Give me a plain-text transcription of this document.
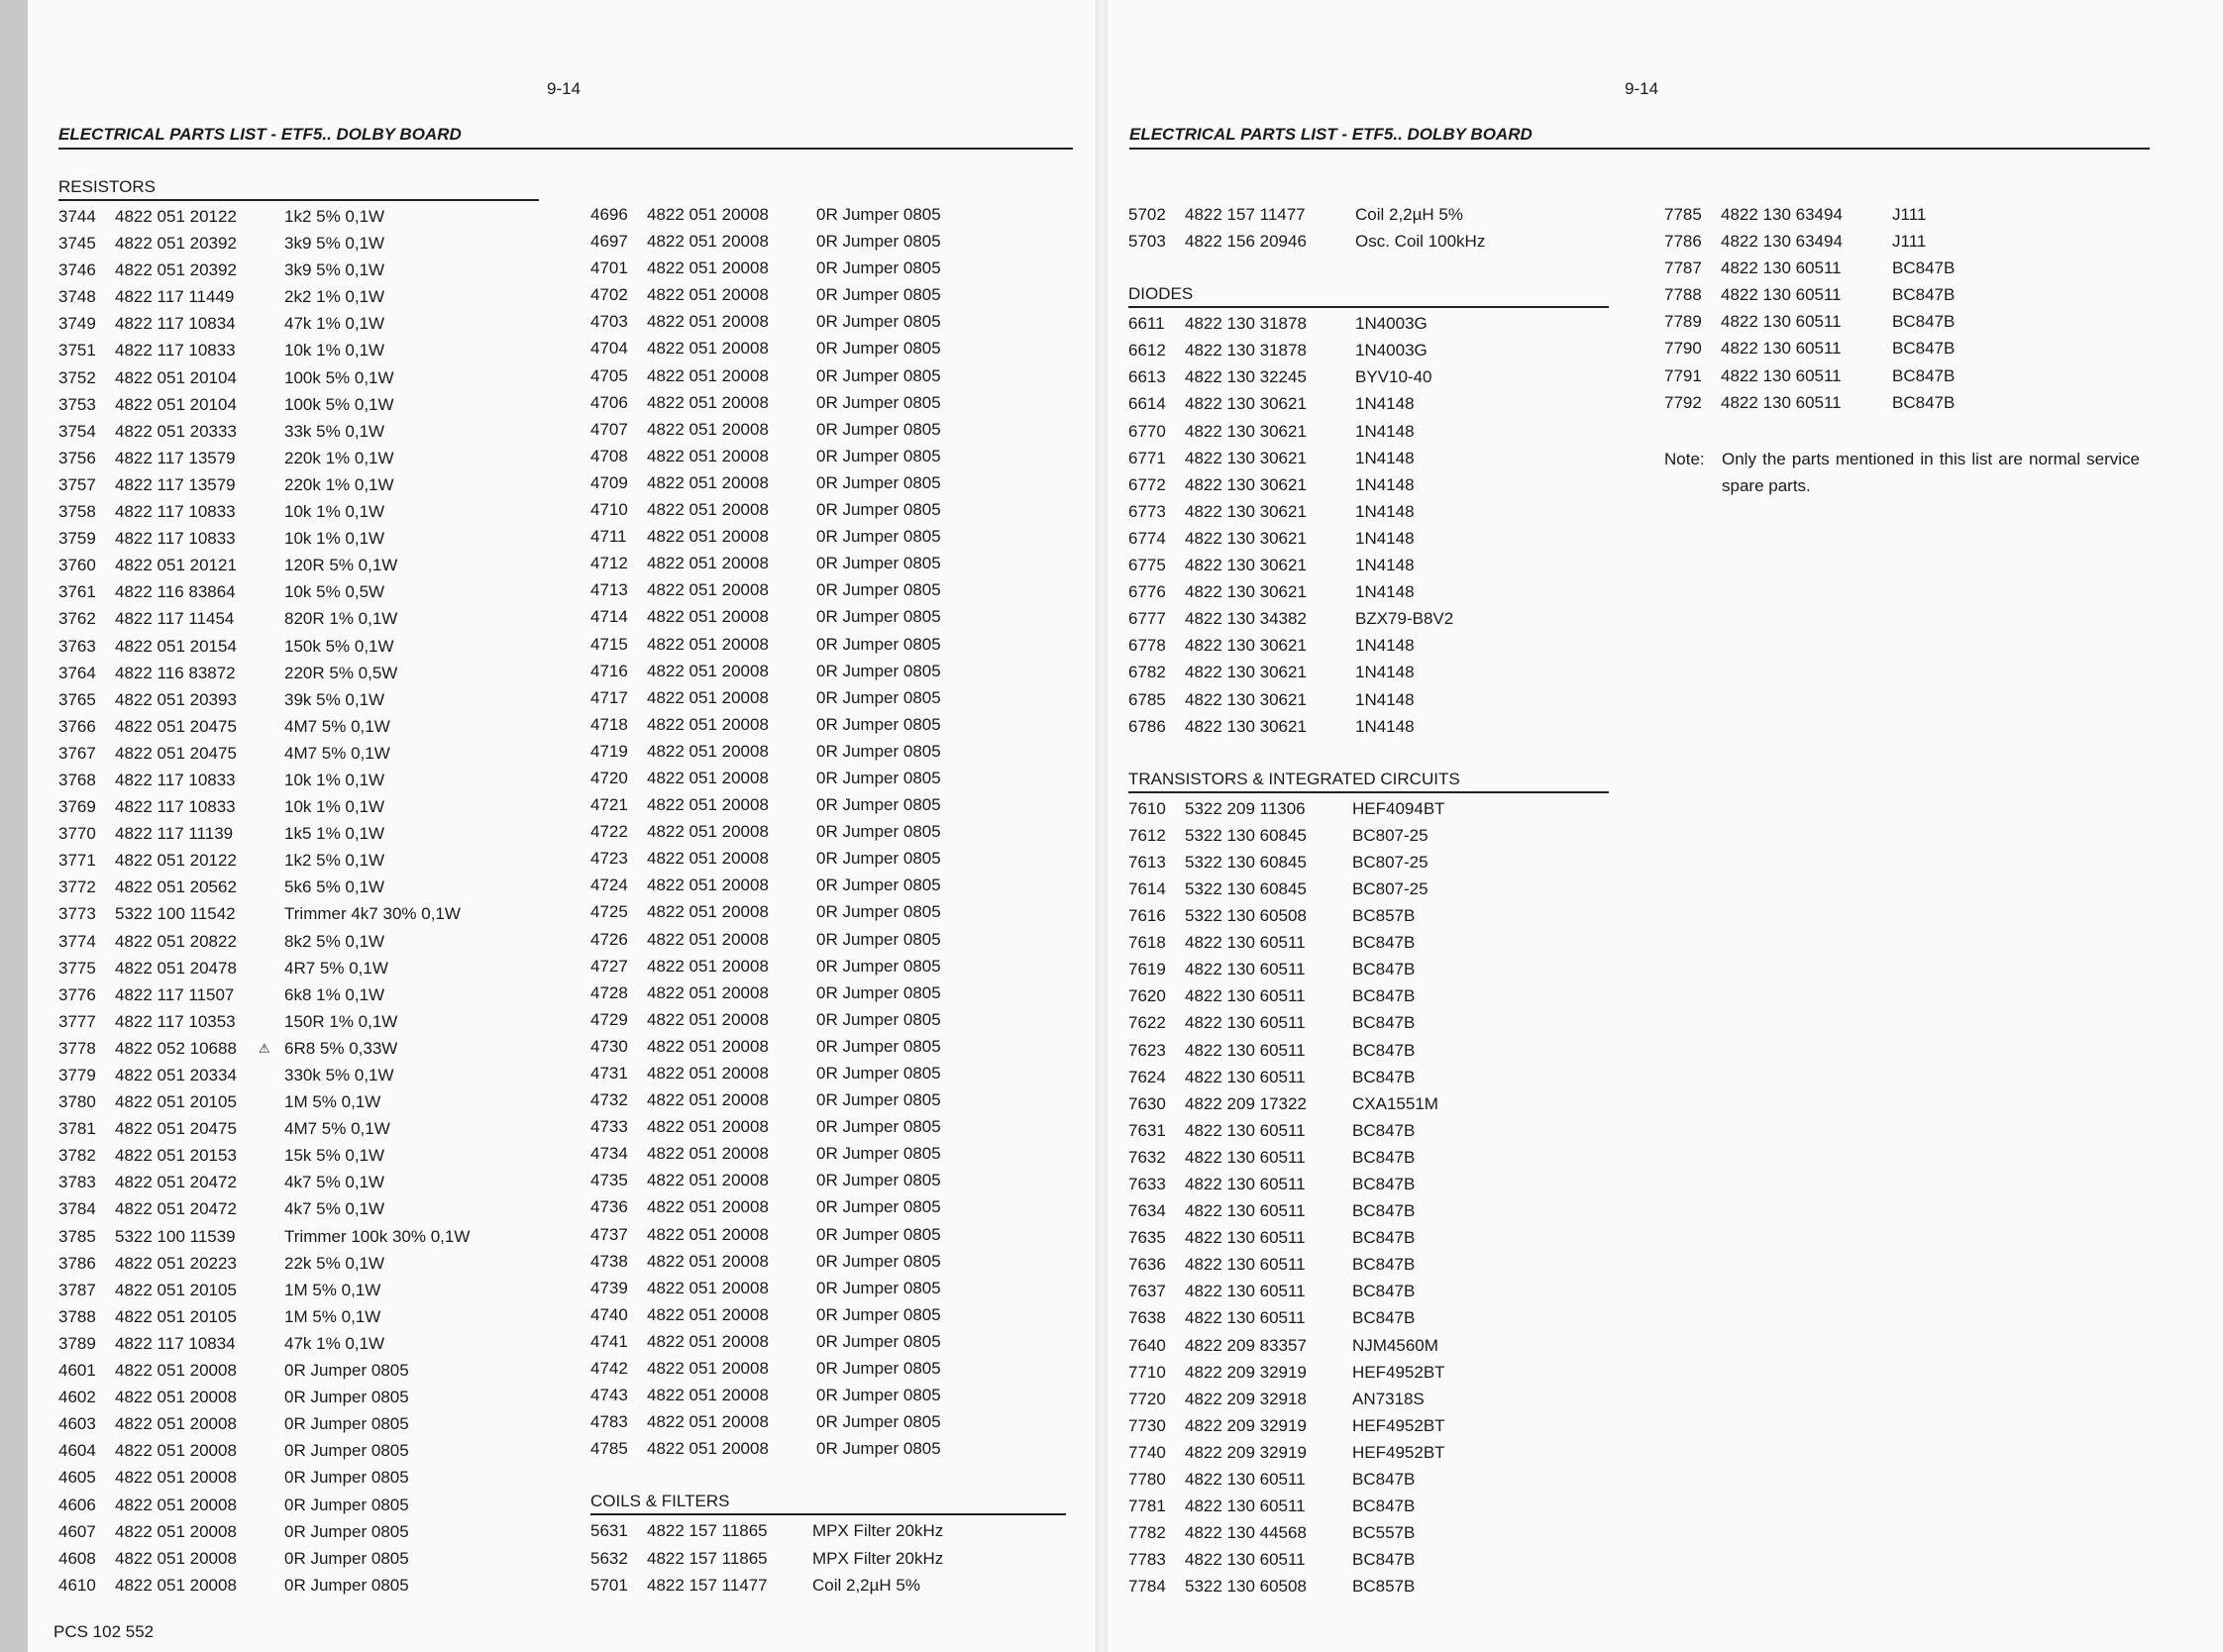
9-14
ELECTRICAL PARTS LIST - ETF5.. DOLBY BOARD
9-14
ELECTRICAL PARTS LIST - ETF5.. DOLBY BOARD
RESISTORS
3744 4822 051 20122	1k2 5% 0,1W
3745 4822 051 20392	3k9 5% 0,1W
3746 4822 051 20392	3k9 5% 0,1W
3748 4822 117 11449	2k2 1% 0,1W
3749 4822 117 10834	47k 1% 0,1W
3751 4822 117 10833	10k 1% 0,1W
3752 4822 051 20104	100k 5% 0,1W
3753 4822 051 20104	100k 5% 0,1W
3754 4822 051 20333	33k 5% 0,1W
3756 4822 117 13579	220k 1% 0,1W
3757 4822 117 13579	220k 1% 0,1W
3758 4822 117 10833	10k 1% 0,1W
3759 4822 117 10833	10k 1% 0,1W
3760 4822 051 20121	120R 5% 0,1W
3761 4822 116 83864	10k 5% 0,5W
3762 4822 117 11454	820R 1% 0,1W
3763 4822 051 20154	150k 5% 0,1W
3764 4822 116 83872	220R 5% 0,5W
3765 4822 051 20393	39k 5% 0,1W
3766 4822 051 20475	4M7 5% 0,1W
3767 4822 051 20475	4M7 5% 0,1W
3768 4822 117 10833	10k 1% 0,1W
3769 4822 117 10833	10k 1% 0,1W
3770 4822 117 11139	1k5 1% 0,1W
3771 4822 051 20122	1k2 5% 0,1W
3772 4822 051 20562	5k6 5% 0,1W
3773 5322 100 11542	Trimmer 4k7 30% 0,1W
3774 4822 051 20822	8k2 5% 0,1W
3775 4822 051 20478	4R7 5% 0,1W
3776 4822 117 11507	6k8 1% 0,1W
3777 4822 117 10353	150R 1% 0,1W
3778 4822 052 10688	6R8 5% 0,33W
⚠
3779 4822 051 20334	330k 5% 0,1W
3780 4822 051 20105	1M 5% 0,1W
3781 4822 051 20475	4M7 5% 0,1W
3782 4822 051 20153	15k 5% 0,1W
3783 4822 051 20472	4k7 5% 0,1W
3784 4822 051 20472	4k7 5% 0,1W
3785 5322 100 11539	Trimmer 100k 30% 0,1W
3786 4822 051 20223	22k 5% 0,1W
3787 4822 051 20105	1M 5% 0,1W
3788 4822 051 20105	1M 5% 0,1W
3789 4822 117 10834	47k 1% 0,1W
4601 4822 051 20008	0R Jumper 0805
4602 4822 051 20008	0R Jumper 0805
4603 4822 051 20008	0R Jumper 0805
4604 4822 051 20008	0R Jumper 0805
4605 4822 051 20008	0R Jumper 0805
4606 4822 051 20008	0R Jumper 0805
4607 4822 051 20008	0R Jumper 0805
4608 4822 051 20008	0R Jumper 0805
4610 4822 051 20008	0R Jumper 0805
4696 4822 051 20008	0R Jumper 0805
4697 4822 051 20008	0R Jumper 0805
4701 4822 051 20008	0R Jumper 0805
4702 4822 051 20008	0R Jumper 0805
4703 4822 051 20008	0R Jumper 0805
4704 4822 051 20008	0R Jumper 0805
4705 4822 051 20008	0R Jumper 0805
4706 4822 051 20008	0R Jumper 0805
4707 4822 051 20008	0R Jumper 0805
4708 4822 051 20008	0R Jumper 0805
4709 4822 051 20008	0R Jumper 0805
4710 4822 051 20008	0R Jumper 0805
4711 4822 051 20008	0R Jumper 0805
4712 4822 051 20008	0R Jumper 0805
4713 4822 051 20008	0R Jumper 0805
4714 4822 051 20008	0R Jumper 0805
4715 4822 051 20008	0R Jumper 0805
4716 4822 051 20008	0R Jumper 0805
4717 4822 051 20008	0R Jumper 0805
4718 4822 051 20008	0R Jumper 0805
4719 4822 051 20008	0R Jumper 0805
4720 4822 051 20008	0R Jumper 0805
4721 4822 051 20008	0R Jumper 0805
4722 4822 051 20008	0R Jumper 0805
4723 4822 051 20008	0R Jumper 0805
4724 4822 051 20008	0R Jumper 0805
4725 4822 051 20008	0R Jumper 0805
4726 4822 051 20008	0R Jumper 0805
4727 4822 051 20008	0R Jumper 0805
4728 4822 051 20008	0R Jumper 0805
4729 4822 051 20008	0R Jumper 0805
4730 4822 051 20008	0R Jumper 0805
4731 4822 051 20008	0R Jumper 0805
4732 4822 051 20008	0R Jumper 0805
4733 4822 051 20008	0R Jumper 0805
4734 4822 051 20008	0R Jumper 0805
4735 4822 051 20008	0R Jumper 0805
4736 4822 051 20008	0R Jumper 0805
4737 4822 051 20008	0R Jumper 0805
4738 4822 051 20008	0R Jumper 0805
4739 4822 051 20008	0R Jumper 0805
4740 4822 051 20008	0R Jumper 0805
4741 4822 051 20008	0R Jumper 0805
4742 4822 051 20008	0R Jumper 0805
4743 4822 051 20008	0R Jumper 0805
4783 4822 051 20008	0R Jumper 0805
4785 4822 051 20008	0R Jumper 0805
COILS & FILTERS
5631 4822 157 11865	MPX Filter 20kHz
5632 4822 157 11865	MPX Filter 20kHz
5701 4822 157 11477	Coil 2,2µH 5%
5702 4822 157 11477	Coil 2,2µH 5%
5703 4822 156 20946	Osc. Coil 100kHz
DIODES
6611 4822 130 31878	1N4003G
6612 4822 130 31878	1N4003G
6613 4822 130 32245	BYV10-40
6614 4822 130 30621	1N4148
6770 4822 130 30621	1N4148
6771 4822 130 30621	1N4148
6772 4822 130 30621	1N4148
6773 4822 130 30621	1N4148
6774 4822 130 30621	1N4148
6775 4822 130 30621	1N4148
6776 4822 130 30621	1N4148
6777 4822 130 34382	BZX79-B8V2
6778 4822 130 30621	1N4148
6782 4822 130 30621	1N4148
6785 4822 130 30621	1N4148
6786 4822 130 30621	1N4148
TRANSISTORS & INTEGRATED CIRCUITS
7610 5322 209 11306	HEF4094BT
7612 5322 130 60845	BC807-25
7613 5322 130 60845	BC807-25
7614 5322 130 60845	BC807-25
7616 5322 130 60508	BC857B
7618 4822 130 60511	BC847B
7619 4822 130 60511	BC847B
7620 4822 130 60511	BC847B
7622 4822 130 60511	BC847B
7623 4822 130 60511	BC847B
7624 4822 130 60511	BC847B
7630 4822 209 17322	CXA1551M
7631 4822 130 60511	BC847B
7632 4822 130 60511	BC847B
7633 4822 130 60511	BC847B
7634 4822 130 60511	BC847B
7635 4822 130 60511	BC847B
7636 4822 130 60511	BC847B
7637 4822 130 60511	BC847B
7638 4822 130 60511	BC847B
7640 4822 209 83357	NJM4560M
7710 4822 209 32919	HEF4952BT
7720 4822 209 32918	AN7318S
7730 4822 209 32919	HEF4952BT
7740 4822 209 32919	HEF4952BT
7780 4822 130 60511	BC847B
7781 4822 130 60511	BC847B
7782 4822 130 44568	BC557B
7783 4822 130 60511	BC847B
7784 5322 130 60508	BC857B
7785 4822 130 63494	J111
7786 4822 130 63494	J111
7787 4822 130 60511	BC847B
7788 4822 130 60511	BC847B
7789 4822 130 60511	BC847B
7790 4822 130 60511	BC847B
7791 4822 130 60511	BC847B
7792 4822 130 60511	BC847B
Note: Only the parts mentioned in this list are normal service spare parts.
PCS 102 552
